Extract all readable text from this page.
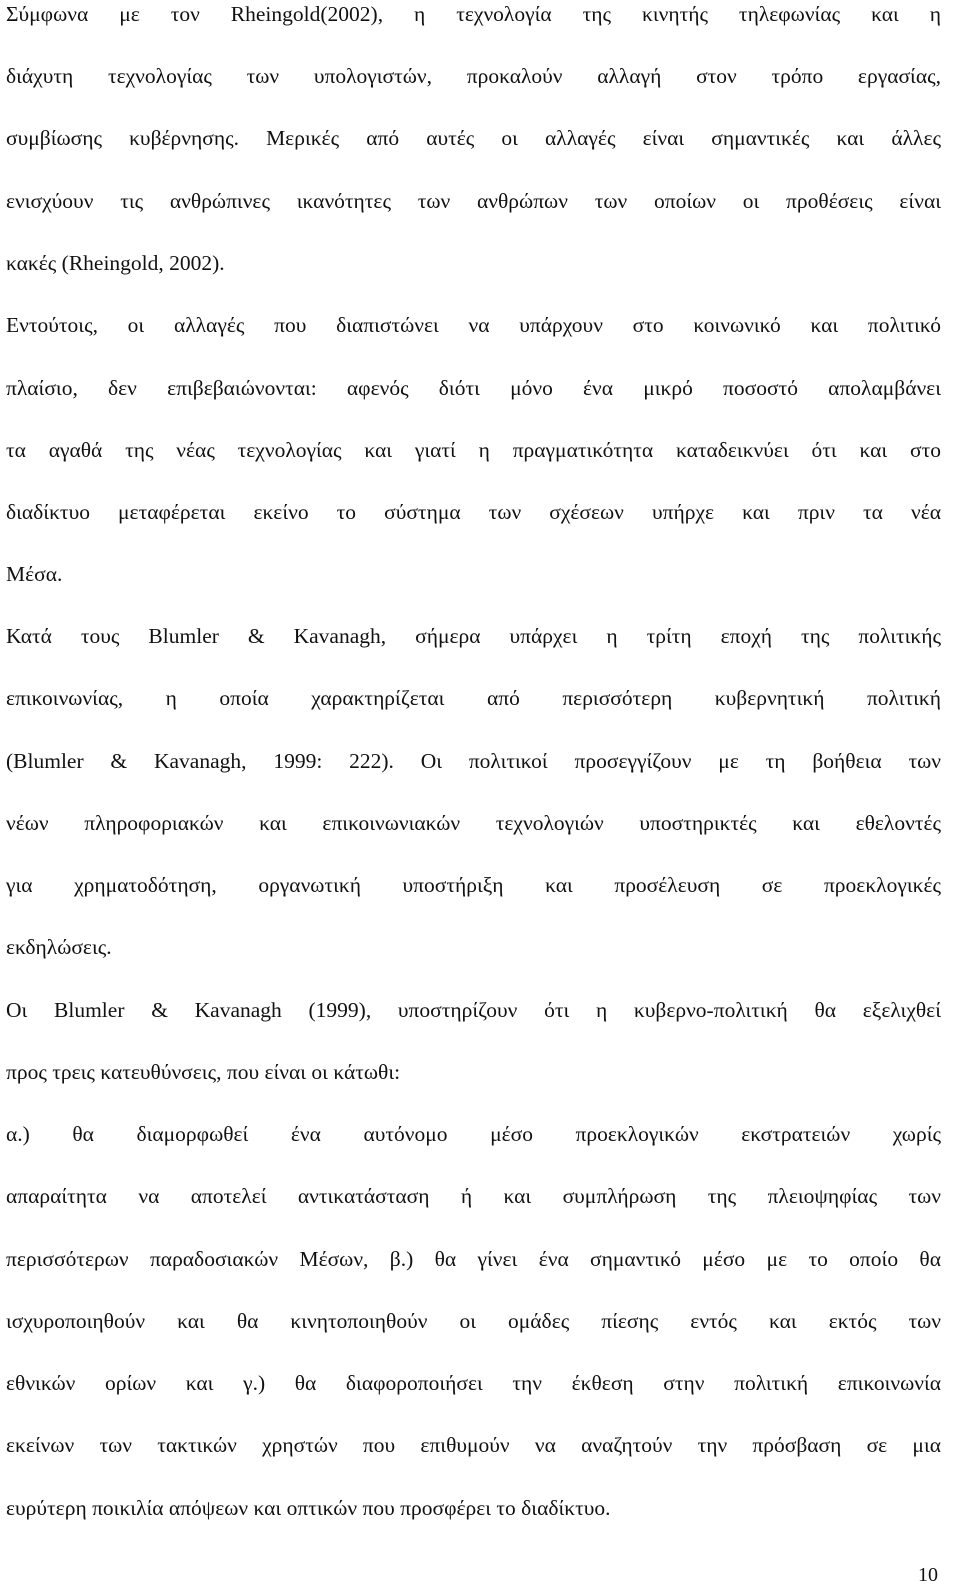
Σύμφωνα με τον Rheingold(2002), η τεχνολογία της κινητής τηλεφωνίας και η
διάχυτη τεχνολογίας των υπολογιστών, προκαλούν αλλαγή στον τρόπο εργασίας,
συμβίωσης κυβέρνησης. Μερικές από αυτές οι αλλαγές είναι σημαντικές και άλλες
ενισχύουν τις ανθρώπινες ικανότητες των ανθρώπων των οποίων οι προθέσεις είναι
κακές (Rheingold, 2002).
Εντούτοις, οι αλλαγές που διαπιστώνει να υπάρχουν στο κοινωνικό και πολιτικό
πλαίσιο, δεν επιβεβαιώνονται: αφενός διότι μόνο ένα μικρό ποσοστό απολαμβάνει
τα αγαθά της νέας τεχνολογίας και γιατί η πραγματικότητα καταδεικνύει ότι και στο
διαδίκτυο μεταφέρεται εκείνο το σύστημα των σχέσεων υπήρχε και πριν τα νέα
Μέσα.
Κατά τους Blumler & Kavanagh, σήμερα υπάρχει η τρίτη εποχή της πολιτικής
επικοινωνίας, η οποία χαρακτηρίζεται από περισσότερη κυβερνητική πολιτική
(Blumler & Kavanagh, 1999: 222). Οι πολιτικοί προσεγγίζουν με τη βοήθεια των
νέων πληροφοριακών και επικοινωνιακών τεχνολογιών υποστηρικτές και εθελοντές
για χρηματοδότηση, οργανωτική υποστήριξη και προσέλευση σε προεκλογικές
εκδηλώσεις.
Οι Blumler & Kavanagh (1999), υποστηρίζουν ότι η κυβερνο-πολιτική θα εξελιχθεί
προς τρεις κατευθύνσεις, που είναι οι κάτωθι:
α.) θα διαμορφωθεί ένα αυτόνομο μέσο προεκλογικών εκστρατειών χωρίς
απαραίτητα να αποτελεί αντικατάσταση ή και συμπλήρωση της πλειοψηφίας των
περισσότερων παραδοσιακών Μέσων, β.) θα γίνει ένα σημαντικό μέσο με το οποίο θα
ισχυροποιηθούν και θα κινητοποιηθούν οι ομάδες πίεσης εντός και εκτός των
εθνικών ορίων και γ.) θα διαφοροποιήσει την έκθεση στην πολιτική επικοινωνία
εκείνων των τακτικών χρηστών που επιθυμούν να αναζητούν την πρόσβαση σε μια
ευρύτερη ποικιλία απόψεων και οπτικών που προσφέρει το διαδίκτυο.
10
